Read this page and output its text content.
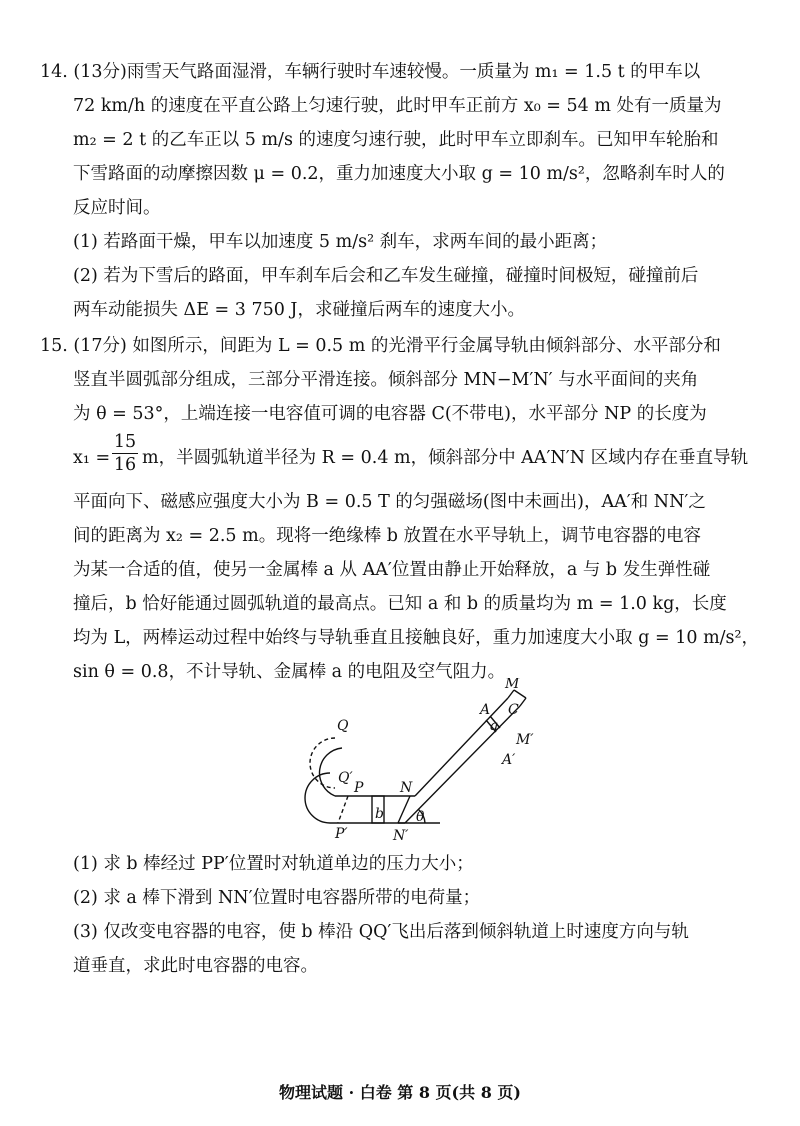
14. (13分)雨雪天气路面湿滑，车辆行驶时车速较慢。一质量为 m₁ = 1.5 t 的甲车以
72 km/h 的速度在平直公路上匀速行驶，此时甲车正前方 x₀ = 54 m 处有一质量为
m₂ = 2 t 的乙车正以 5 m/s 的速度匀速行驶，此时甲车立即刹车。已知甲车轮胎和
下雪路面的动摩擦因数 μ = 0.2，重力加速度大小取 g = 10 m/s²，忽略刹车时人的
反应时间。
(1) 若路面干燥，甲车以加速度 5 m/s² 刹车，求两车间的最小距离；
(2) 若为下雪后的路面，甲车刹车后会和乙车发生碰撞，碰撞时间极短，碰撞前后
两车动能损失 ΔE = 3 750 J，求碰撞后两车的速度大小。
15. (17分) 如图所示，间距为 L = 0.5 m 的光滑平行金属导轨由倾斜部分、水平部分和
竖直半圆弧部分组成，三部分平滑连接。倾斜部分 MN−M′N′ 与水平面间的夹角
为 θ = 53°，上端连接一电容值可调的电容器 C(不带电)，水平部分 NP 的长度为
x₁ =
15
16 m，半圆弧轨道半径为 R = 0.4 m，倾斜部分中 AA′N′N 区域内存在垂直导轨
平面向下、磁感应强度大小为 B = 0.5 T 的匀强磁场(图中未画出)，AA′和 NN′之
间的距离为 x₂ = 2.5 m。现将一绝缘棒 b 放置在水平导轨上，调节电容器的电容
为某一合适的值，使另一金属棒 a 从 AA′位置由静止开始释放，a 与 b 发生弹性碰
撞后，b 恰好能通过圆弧轨道的最高点。已知 a 和 b 的质量均为 m = 1.0 kg，长度
均为 L，两棒运动过程中始终与导轨垂直且接触良好，重力加速度大小取 g = 10 m/s²，
sin θ = 0.8，不计导轨、金属棒 a 的电阻及空气阻力。
M
A C
a
M′
A′
Q
Q′
P	N
b
P′	N′
θ
(1) 求 b 棒经过 PP′位置时对轨道单边的压力大小；
(2) 求 a 棒下滑到 NN′位置时电容器所带的电荷量；
(3) 仅改变电容器的电容，使 b 棒沿 QQ′飞出后落到倾斜轨道上时速度方向与轨
道垂直，求此时电容器的电容。
物理试题 · 白卷 第 8 页(共 8 页)
